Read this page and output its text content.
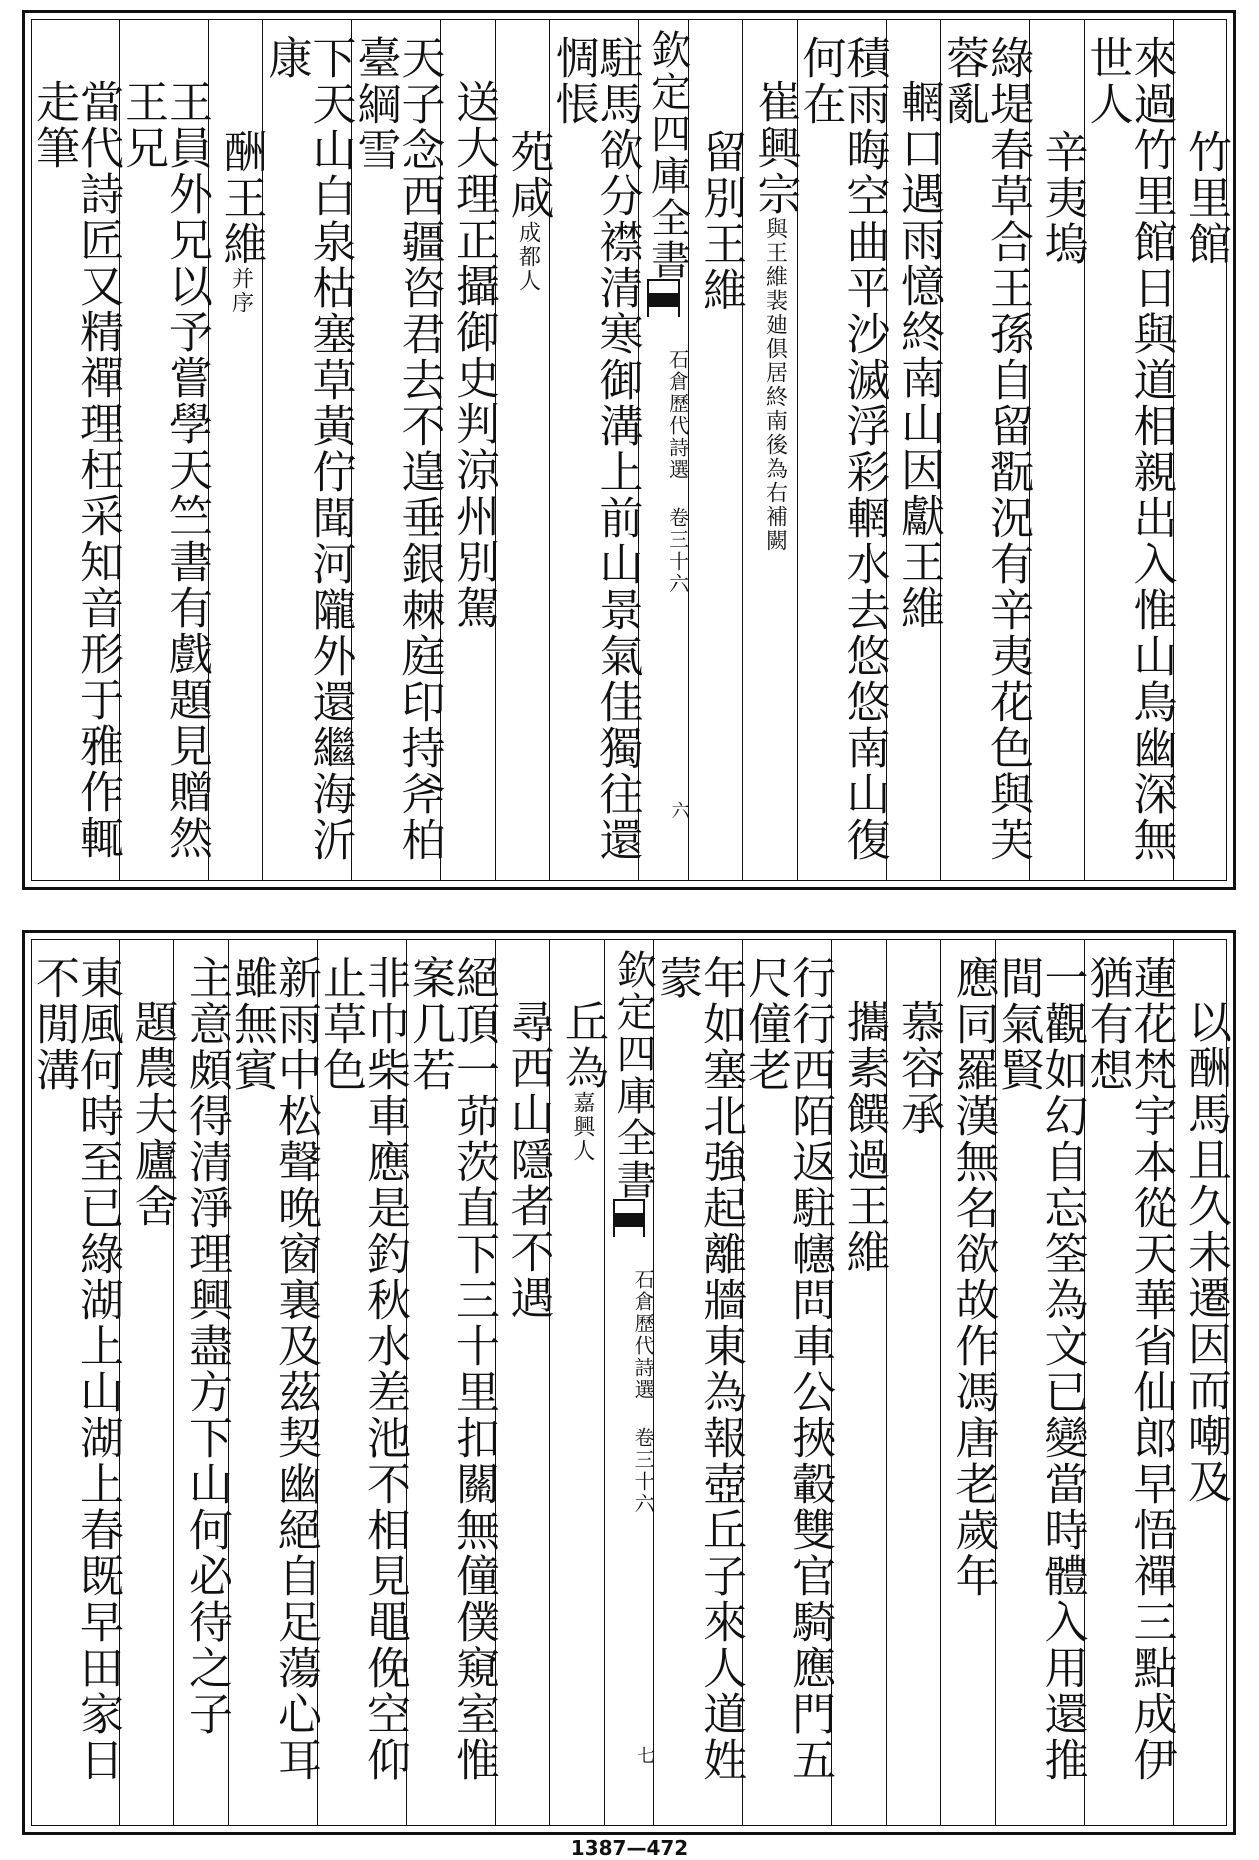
竹里館
來過竹里館日與道相親出入惟山鳥幽深無世人
辛夷塢
綠堤春草合王孫自留翫況有辛夷花色與芙蓉亂
輞口遇雨憶終南山因獻王維
積雨晦空曲平沙滅浮彩輞水去悠悠南山復何在
崔興宗與王維裴廸俱居終南後為右補闕
留別王維
欽定四庫全書
石倉歷代詩選 卷三十六
六
駐馬欲分襟清寒御溝上前山景氣佳獨往還惆悵
苑咸成都人
送大理正攝御史判涼州別駕
天子念西疆咨君去不遑垂銀棘庭印持斧柏臺綱雪
下天山白泉枯塞草黃佇聞河隴外還繼海沂康
酬王維并序
王員外兄以予嘗學天竺書有戲題見贈然王兄
當代詩匠又精禪理枉采知音形于雅作輒走筆
以酬馬且久未遷因而嘲及
蓮花梵宇本從天華省仙郎早悟禪三點成伊猶有想
一觀如幻自忘筌為文已變當時體入用還推間氣賢
應同羅漢無名欲故作馮唐老歲年
慕容承
攜素饌過王維
行行西陌返駐幰問車公挾轂雙官騎應門五尺僮老
年如塞北強起離牆東為報壺丘子來人道姓蒙
欽定四庫全書
石倉歷代詩選 卷三十六
七
丘為嘉興人
尋西山隱者不遇
絕頂一茆茨直下三十里扣關無僮僕窺室惟案几若
非巾柴車應是釣秋水差池不相見黽俛空仰止草色
新雨中松聲晚窗裏及茲契幽絕自足蕩心耳雖無賓
主意頗得清淨理興盡方下山何必待之子
題農夫廬舍
東風何時至已綠湖上山湖上春既早田家日不閒溝
1387—472
